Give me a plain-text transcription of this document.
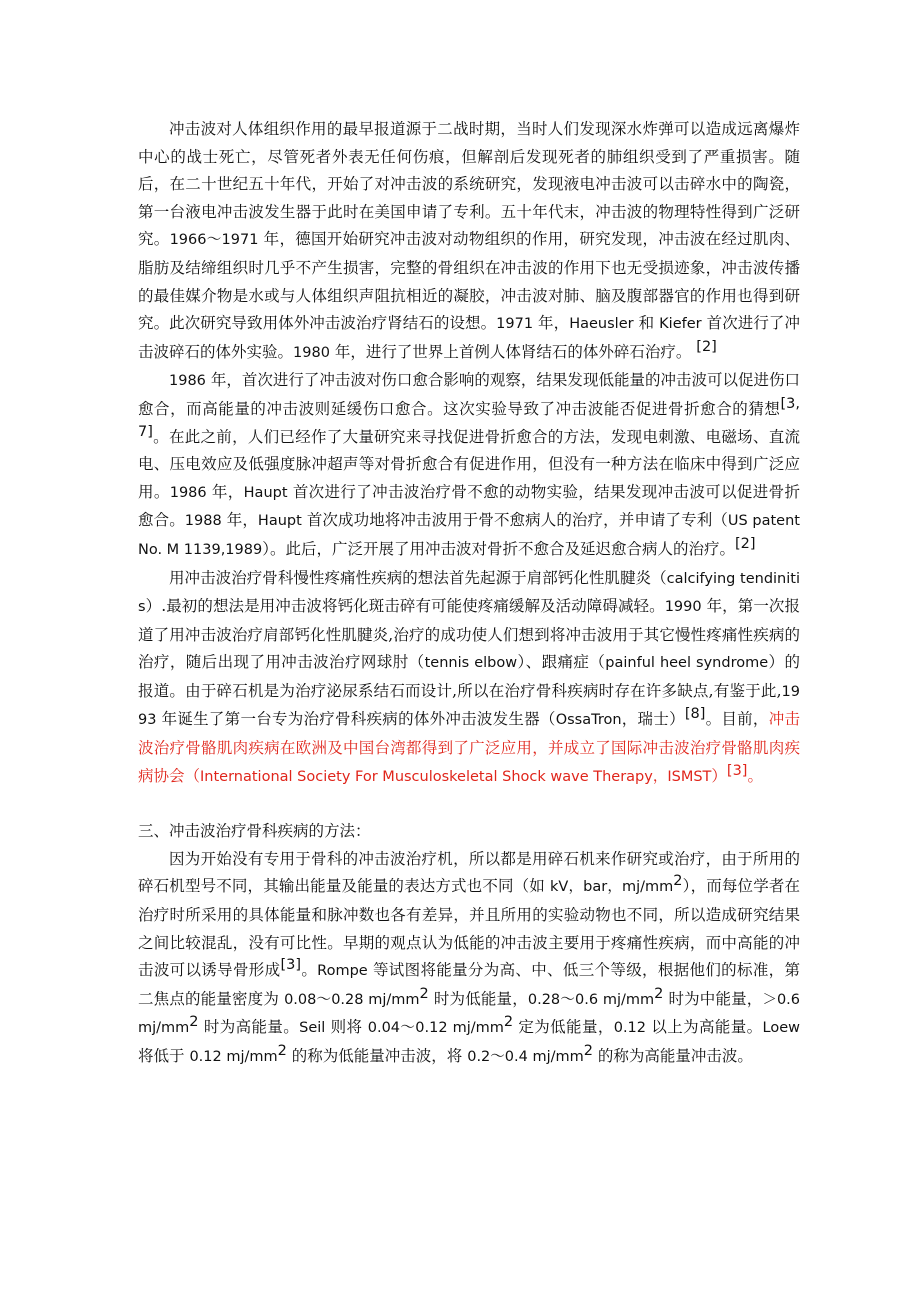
冲击波对人体组织作用的最早报道源于二战时期，当时人们发现深水炸弹可以造成远离爆炸中心的战士死亡，尽管死者外表无任何伤痕，但解剖后发现死者的肺组织受到了严重损害。随后，在二十世纪五十年代，开始了对冲击波的系统研究，发现液电冲击波可以击碎水中的陶瓷，第一台液电冲击波发生器于此时在美国申请了专利。五十年代末，冲击波的物理特性得到广泛研究。1966～1971 年，德国开始研究冲击波对动物组织的作用，研究发现，冲击波在经过肌肉、脂肪及结缔组织时几乎不产生损害，完整的骨组织在冲击波的作用下也无受损迹象，冲击波传播的最佳媒介物是水或与人体组织声阻抗相近的凝胶，冲击波对肺、脑及腹部器官的作用也得到研究。此次研究导致用体外冲击波治疗肾结石的设想。1971 年，Haeusler 和 Kiefer 首次进行了冲击波碎石的体外实验。1980 年，进行了世界上首例人体肾结石的体外碎石治疗。 [2]

1986 年，首次进行了冲击波对伤口愈合影响的观察，结果发现低能量的冲击波可以促进伤口愈合，而高能量的冲击波则延缓伤口愈合。这次实验导致了冲击波能否促进骨折愈合的猜想[3,7]。在此之前，人们已经作了大量研究来寻找促进骨折愈合的方法，发现电刺激、电磁场、直流电、压电效应及低强度脉冲超声等对骨折愈合有促进作用，但没有一种方法在临床中得到广泛应用。1986 年，Haupt 首次进行了冲击波治疗骨不愈的动物实验，结果发现冲击波可以促进骨折愈合。1988 年，Haupt 首次成功地将冲击波用于骨不愈病人的治疗，并申请了专利（US patent No. M 1139,1989）。此后，广泛开展了用冲击波对骨折不愈合及延迟愈合病人的治疗。[2]

用冲击波治疗骨科慢性疼痛性疾病的想法首先起源于肩部钙化性肌腱炎（calcifying tendinitis）.最初的想法是用冲击波将钙化斑击碎有可能使疼痛缓解及活动障碍减轻。1990 年，第一次报道了用冲击波治疗肩部钙化性肌腱炎,治疗的成功使人们想到将冲击波用于其它慢性疼痛性疾病的治疗，随后出现了用冲击波治疗网球肘（tennis elbow）、跟痛症（painful heel syndrome）的报道。由于碎石机是为治疗泌尿系结石而设计,所以在治疗骨科疾病时存在许多缺点,有鉴于此,1993 年诞生了第一台专为治疗骨科疾病的体外冲击波发生器（OssaTron，瑞士）[8]。目前，冲击波治疗骨骼肌肉疾病在欧洲及中国台湾都得到了广泛应用，并成立了国际冲击波治疗骨骼肌肉疾病协会（International Society For Musculoskeletal Shock wave Therapy，ISMST）[3]。

三、冲击波治疗骨科疾病的方法：

因为开始没有专用于骨科的冲击波治疗机，所以都是用碎石机来作研究或治疗，由于所用的碎石机型号不同，其输出能量及能量的表达方式也不同（如 kV，bar，$mj/mm^2$），而每位学者在治疗时所采用的具体能量和脉冲数也各有差异，并且所用的实验动物也不同，所以造成研究结果之间比较混乱，没有可比性。早期的观点认为低能的冲击波主要用于疼痛性疾病，而中高能的冲击波可以诱导骨形成[3]。Rompe 等试图将能量分为高、中、低三个等级，根据他们的标准，第二焦点的能量密度为 0.08～0.28 $mj/mm^2$ 时为低能量，0.28～0.6 $mj/mm^2$ 时为中能量，＞0.6 $mj/mm^2$ 时为高能量。Seil 则将 0.04～0.12 $mj/mm^2$ 定为低能量，0.12 以上为高能量。Loew 将低于 0.12 $mj/mm^2$ 的称为低能量冲击波，将 0.2～0.4 $mj/mm^2$ 的称为高能量冲击波。
